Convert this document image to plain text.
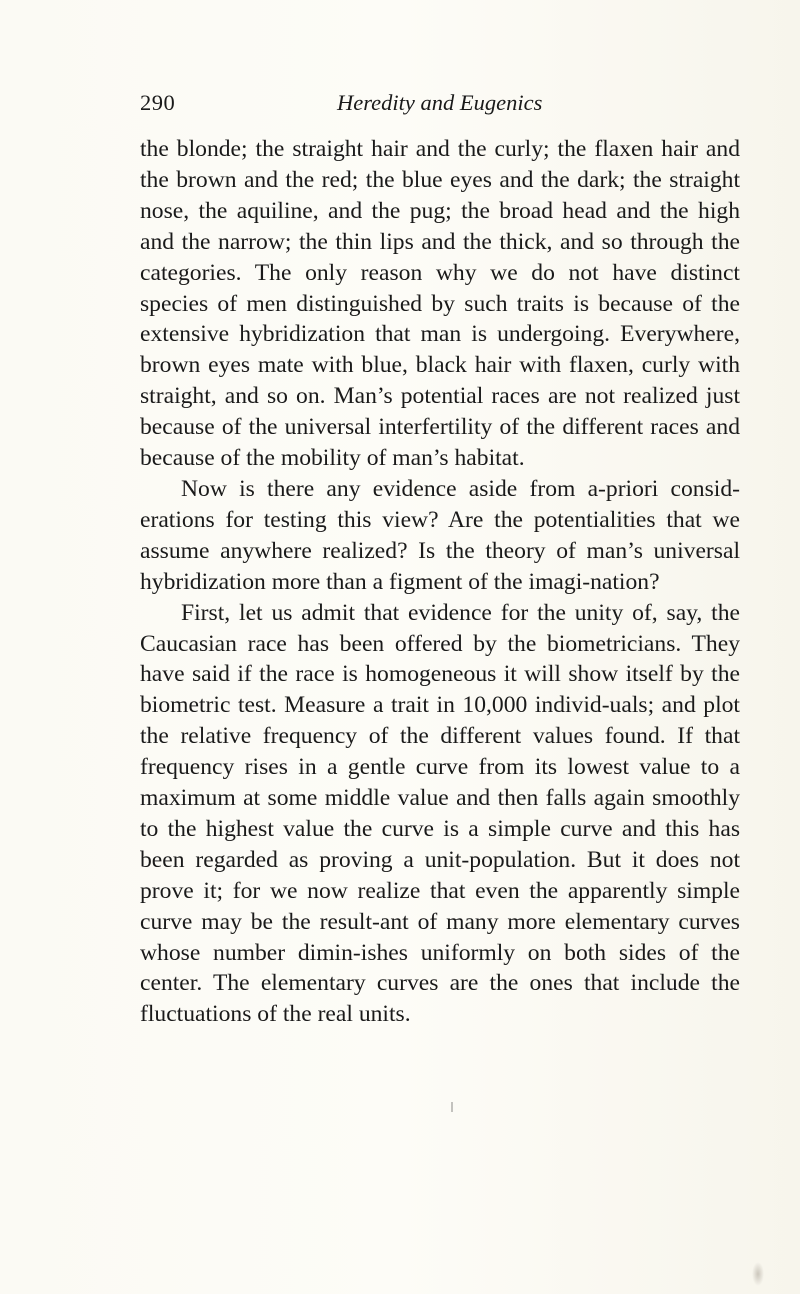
290	Heredity and Eugenics

the blonde; the straight hair and the curly; the flaxen hair and the brown and the red; the blue eyes and the dark; the straight nose, the aquiline, and the pug; the broad head and the high and the narrow; the thin lips and the thick, and so through the categories. The only reason why we do not have distinct species of men distinguished by such traits is because of the extensive hybridization that man is undergoing. Everywhere, brown eyes mate with blue, black hair with flaxen, curly with straight, and so on. Man’s potential races are not realized just because of the universal interfertility of the different races and because of the mobility of man’s habitat.

Now is there any evidence aside from a-priori consid-erations for testing this view? Are the potentialities that we assume anywhere realized? Is the theory of man’s universal hybridization more than a figment of the imagi-nation?

First, let us admit that evidence for the unity of, say, the Caucasian race has been offered by the biometricians. They have said if the race is homogeneous it will show itself by the biometric test. Measure a trait in 10,000 individ-uals; and plot the relative frequency of the different values found. If that frequency rises in a gentle curve from its lowest value to a maximum at some middle value and then falls again smoothly to the highest value the curve is a simple curve and this has been regarded as proving a unit-population. But it does not prove it; for we now realize that even the apparently simple curve may be the result-ant of many more elementary curves whose number dimin-ishes uniformly on both sides of the center. The elementary curves are the ones that include the fluctuations of the real units.
